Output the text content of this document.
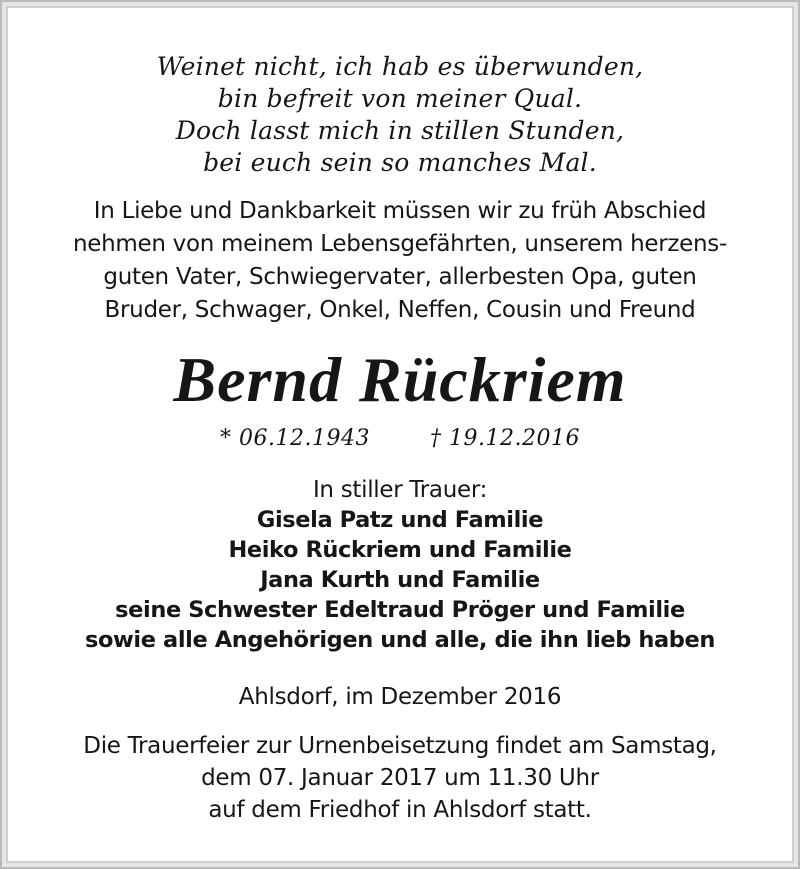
Weinet nicht, ich hab es überwunden,
bin befreit von meiner Qual.
Doch lasst mich in stillen Stunden,
bei euch sein so manches Mal.
In Liebe und Dankbarkeit müssen wir zu früh Abschied
nehmen von meinem Lebensgefährten, unserem herzens-
guten Vater, Schwiegervater, allerbesten Opa, guten
Bruder, Schwager, Onkel, Neffen, Cousin und Freund
Bernd Rückriem
* 06.12.1943	† 19.12.2016
In stiller Trauer:
Gisela Patz und Familie
Heiko Rückriem und Familie
Jana Kurth und Familie
seine Schwester Edeltraud Pröger und Familie
sowie alle Angehörigen und alle, die ihn lieb haben
Ahlsdorf, im Dezember 2016
Die Trauerfeier zur Urnenbeisetzung findet am Samstag,
dem 07. Januar 2017 um 11.30 Uhr
auf dem Friedhof in Ahlsdorf statt.
